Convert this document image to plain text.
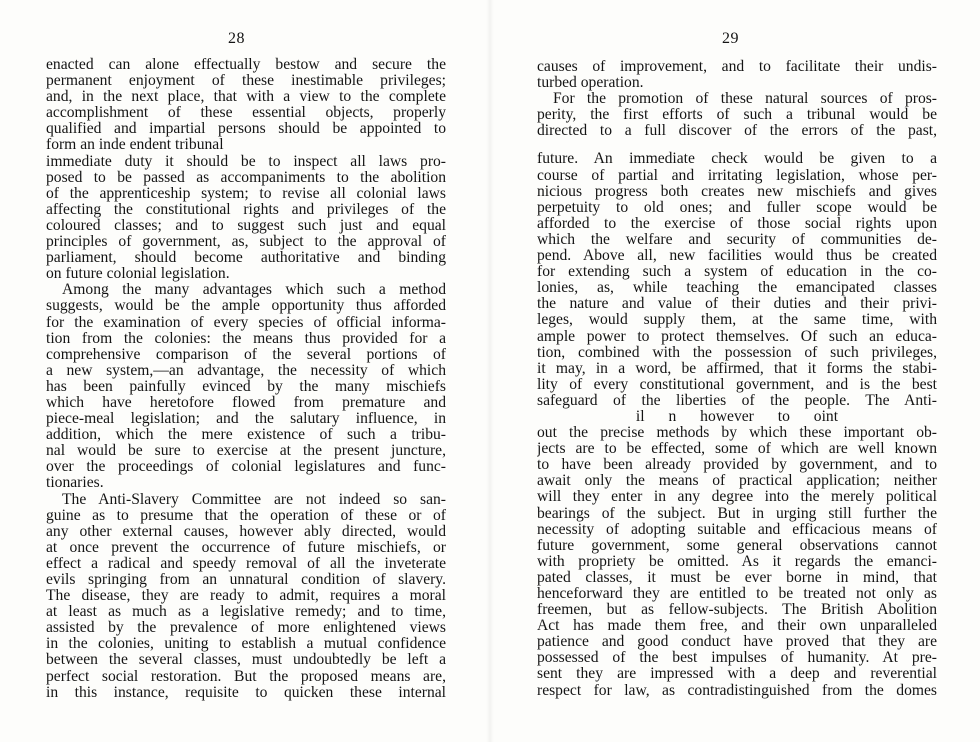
28
enacted can alone effectually bestow and secure the
permanent enjoyment of these inestimable privileges;
and, in the next place, that with a view to the complete
accomplishment of these essential objects, properly
qualified and impartial persons should be appointed to
form an inde endent tribunal
immediate duty it should be to inspect all laws pro-
posed to be passed as accompaniments to the abolition
of the apprenticeship system; to revise all colonial laws
affecting the constitutional rights and privileges of the
coloured classes; and to suggest such just and equal
principles of government, as, subject to the approval of
parliament, should become authoritative and binding
on future colonial legislation.
Among the many advantages which such a method
suggests, would be the ample opportunity thus afforded
for the examination of every species of official informa-
tion from the colonies: the means thus provided for a
comprehensive comparison of the several portions of
a new system,—an advantage, the necessity of which
has been painfully evinced by the many mischiefs
which have heretofore flowed from premature and
piece-meal legislation; and the salutary influence, in
addition, which the mere existence of such a tribu-
nal would be sure to exercise at the present juncture,
over the proceedings of colonial legislatures and func-
tionaries.
The Anti-Slavery Committee are not indeed so san-
guine as to presume that the operation of these or of
any other external causes, however ably directed, would
at once prevent the occurrence of future mischiefs, or
effect a radical and speedy removal of all the inveterate
evils springing from an unnatural condition of slavery.
The disease, they are ready to admit, requires a moral
at least as much as a legislative remedy; and to time,
assisted by the prevalence of more enlightened views
in the colonies, uniting to establish a mutual confidence
between the several classes, must undoubtedly be left a
perfect social restoration. But the proposed means are,
in this instance, requisite to quicken these internal
29
causes of improvement, and to facilitate their undis-
turbed operation.
For the promotion of these natural sources of pros-
perity, the first efforts of such a tribunal would be
directed to a full discover of the errors of the past,
future. An immediate check would be given to a
course of partial and irritating legislation, whose per-
nicious progress both creates new mischiefs and gives
perpetuity to old ones; and fuller scope would be
afforded to the exercise of those social rights upon
which the welfare and security of communities de-
pend. Above all, new facilities would thus be created
for extending such a system of education in the co-
lonies, as, while teaching the emancipated classes
the nature and value of their duties and their privi-
leges, would supply them, at the same time, with
ample power to protect themselves. Of such an educa-
tion, combined with the possession of such privileges,
it may, in a word, be affirmed, that it forms the stabi-
lity of every constitutional government, and is the best
safeguard of the liberties of the people. The Anti-
il n however to oint
out the precise methods by which these important ob-
jects are to be effected, some of which are well known
to have been already provided by government, and to
await only the means of practical application; neither
will they enter in any degree into the merely political
bearings of the subject. But in urging still further the
necessity of adopting suitable and efficacious means of
future government, some general observations cannot
with propriety be omitted. As it regards the emanci-
pated classes, it must be ever borne in mind, that
henceforward they are entitled to be treated not only as
freemen, but as fellow-subjects. The British Abolition
Act has made them free, and their own unparalleled
patience and good conduct have proved that they are
possessed of the best impulses of humanity. At pre-
sent they are impressed with a deep and reverential
respect for law, as contradistinguished from the domes
